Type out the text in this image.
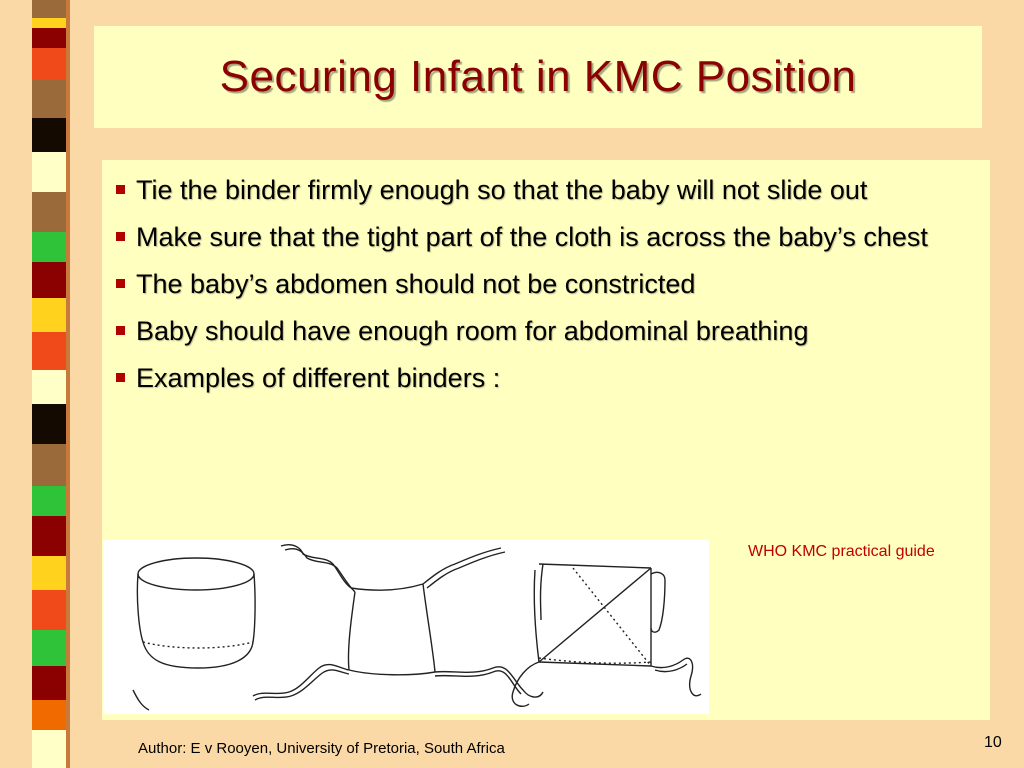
Securing Infant in KMC Position
Tie the binder firmly enough so that the baby will not slide out
Make sure that the tight part of the cloth is across the baby’s chest
The baby’s abdomen should not be constricted
Baby should have enough room for abdominal breathing
Examples of different binders :
WHO KMC practical guide
Author: E v Rooyen, University of Pretoria, South Africa	10
